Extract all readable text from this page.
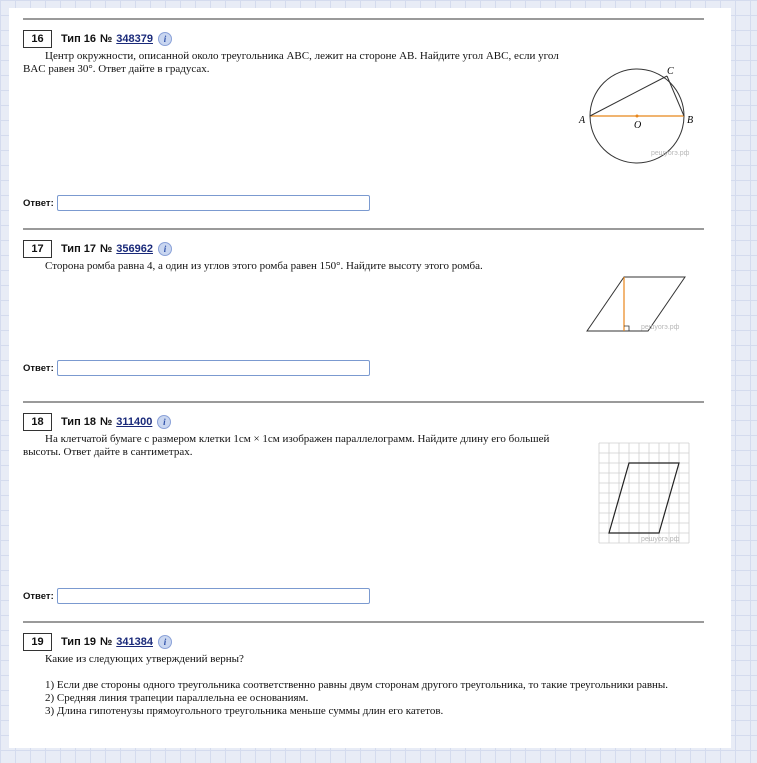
16	Тип 16 № 348379	i
Центр окружности, описанной около треугольника ABC, лежит на стороне AB. Найдите угол ABC, если угол BAC равен 30°. Ответ дайте в градусах.
A	B
C
O
решуогэ.рф
Ответ:
17	Тип 17 № 356962	i
Сторона ромба равна 4, а один из углов этого ромба равен 150°. Найдите высоту этого ромба.
решуогэ.рф
Ответ:
18	Тип 18 № 311400	i
На клетчатой бумаге с размером клетки 1см × 1см изображен параллелограмм. Найдите длину его большей высоты. Ответ дайте в сантиметрах.
решуогэ.рф
Ответ:
19	Тип 19 № 341384	i
Какие из следующих утверждений верны?
1) Если две стороны одного треугольника соответственно равны двум сторонам другого треугольника, то такие треугольники равны.
2) Средняя линия трапеции параллельна ее основаниям.
3) Длина гипотенузы прямоугольного треугольника меньше суммы длин его катетов.
